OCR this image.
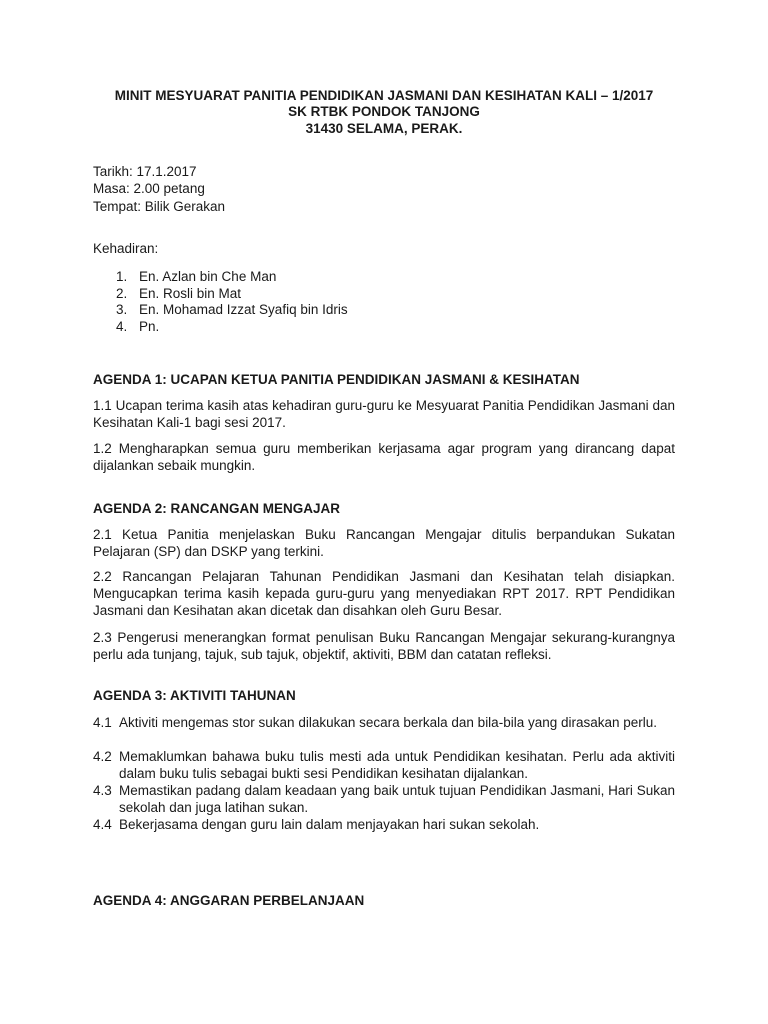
MINIT MESYUARAT PANITIA PENDIDIKAN JASMANI DAN KESIHATAN KALI – 1/2017
SK RTBK PONDOK TANJONG
31430 SELAMA, PERAK.
Tarikh: 17.1.2017
Masa: 2.00 petang
Tempat: Bilik Gerakan
Kehadiran:
1. En. Azlan bin Che Man
2. En. Rosli bin Mat
3. En. Mohamad Izzat Syafiq bin Idris
4. Pn.
AGENDA 1: UCAPAN KETUA PANITIA PENDIDIKAN JASMANI & KESIHATAN
1.1 Ucapan terima kasih atas kehadiran guru-guru ke Mesyuarat Panitia Pendidikan Jasmani dan Kesihatan Kali-1 bagi sesi 2017.
1.2 Mengharapkan semua guru memberikan kerjasama agar program yang dirancang dapat dijalankan sebaik mungkin.
AGENDA 2: RANCANGAN MENGAJAR
2.1 Ketua Panitia menjelaskan Buku Rancangan Mengajar ditulis berpandukan Sukatan Pelajaran (SP) dan DSKP yang terkini.
2.2 Rancangan Pelajaran Tahunan Pendidikan Jasmani dan Kesihatan telah disiapkan. Mengucapkan terima kasih kepada guru-guru yang menyediakan RPT 2017. RPT Pendidikan Jasmani dan Kesihatan akan dicetak dan disahkan oleh Guru Besar.
2.3 Pengerusi menerangkan format penulisan Buku Rancangan Mengajar sekurang-kurangnya perlu ada tunjang, tajuk, sub tajuk, objektif, aktiviti, BBM dan catatan refleksi.
AGENDA 3: AKTIVITI TAHUNAN
4.1 Aktiviti mengemas stor sukan dilakukan secara berkala dan bila-bila yang dirasakan perlu.
4.2 Memaklumkan bahawa buku tulis mesti ada untuk Pendidikan kesihatan. Perlu ada aktiviti dalam buku tulis sebagai bukti sesi Pendidikan kesihatan dijalankan.
4.3 Memastikan padang dalam keadaan yang baik untuk tujuan Pendidikan Jasmani, Hari Sukan sekolah dan juga latihan sukan.
4.4 Bekerjasama dengan guru lain dalam menjayakan hari sukan sekolah.
AGENDA 4: ANGGARAN PERBELANJAAN
